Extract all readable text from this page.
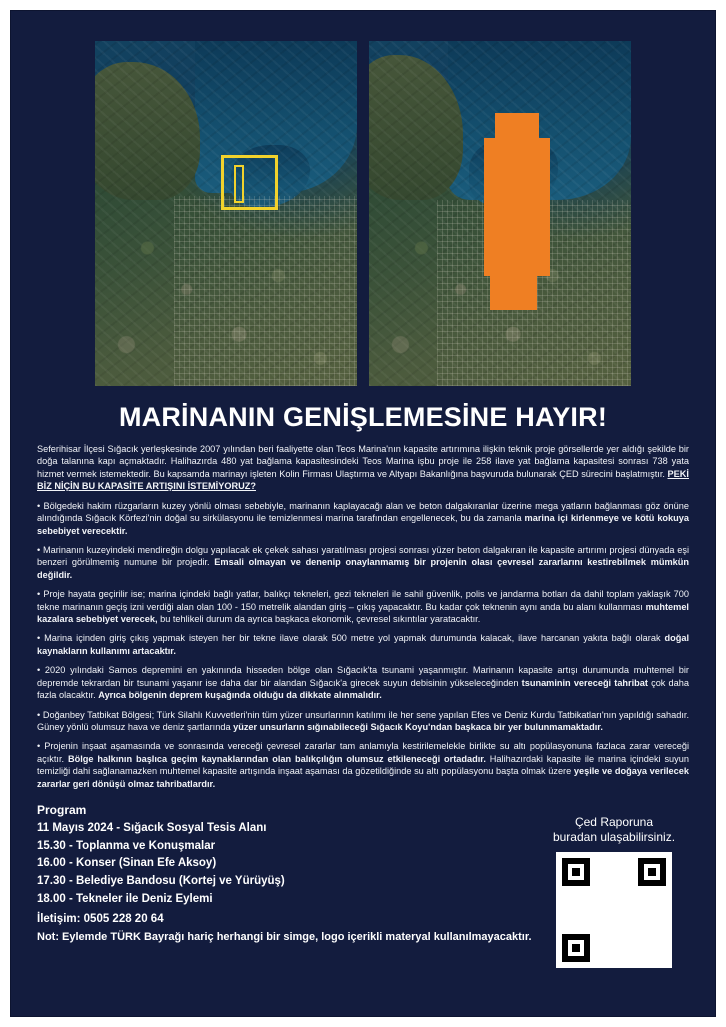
MARİNANIN GENİŞLEMESİNE HAYIR!

Seferihisar İlçesi Sığacık yerleşkesinde 2007 yılından beri faaliyette olan Teos Marina'nın kapasite artırımına ilişkin teknik proje görsellerde yer aldığı şekilde bir doğa talanına kapı açmaktadır. Halihazırda 480 yat bağlama kapasitesindeki Teos Marina işbu proje ile 258 ilave yat bağlama kapasitesi sonrası 738 yata hizmet vermek istemektedir. Bu kapsamda marinayı işleten Kolin Firması Ulaştırma ve Altyapı Bakanlığına başvuruda bulunarak ÇED sürecini başlatmıştır. PEKİ BİZ NİÇİN BU KAPASİTE ARTIŞINI İSTEMİYORUZ?

• Bölgedeki hakim rüzgarların kuzey yönlü olması sebebiyle, marinanın kaplayacağı alan ve beton dalgakıranlar üzerine mega yatların bağlanması göz önüne alındığında Sığacık Körfezi'nin doğal su sirkülasyonu ile temizlenmesi marina tarafından engellenecek, bu da zamanla marina içi kirlenmeye ve kötü kokuya sebebiyet verecektir.

• Marinanın kuzeyindeki mendireğin dolgu yapılacak ek çekek sahası yaratılması projesi sonrası yüzer beton dalgakıran ile kapasite artırımı projesi dünyada eşi benzeri görülmemiş numune bir projedir. Emsali olmayan ve denenip onaylanmamış bir projenin olası çevresel zararlarını kestirebilmek mümkün değildir.

• Proje hayata geçirilir ise; marina içindeki bağlı yatlar, balıkçı tekneleri, gezi tekneleri ile sahil güvenlik, polis ve jandarma botları da dahil toplam yaklaşık 700 tekne marinanın geçiş izni verdiği alan olan 100 - 150 metrelik alandan giriş – çıkış yapacaktır. Bu kadar çok teknenin aynı anda bu alanı kullanması muhtemel kazalara sebebiyet verecek, bu tehlikeli durum da ayrıca başkaca ekonomik, çevresel sıkıntılar yaratacaktır.

• Marina içinden giriş çıkış yapmak isteyen her bir tekne ilave olarak 500 metre yol yapmak durumunda kalacak, ilave harcanan yakıta bağlı olarak doğal kaynakların kullanımı artacaktır.

• 2020 yılındaki Samos depremini en yakınında hisseden bölge olan Sığacık'ta tsunami yaşanmıştır. Marinanın kapasite artışı durumunda muhtemel bir depremde tekrardan bir tsunami yaşanır ise daha dar bir alandan Sığacık'a girecek suyun debisinin yükseleceğinden tsunaminin vereceği tahribat çok daha fazla olacaktır. Ayrıca bölgenin deprem kuşağında olduğu da dikkate alınmalıdır.

• Doğanbey Tatbikat Bölgesi; Türk Silahlı Kuvvetleri'nin tüm yüzer unsurlarının katılımı ile her sene yapılan Efes ve Deniz Kurdu Tatbikatları'nın yapıldığı sahadır. Güney yönlü olumsuz hava ve deniz şartlarında yüzer unsurların sığınabileceği Sığacık Koyu'ndan başkaca bir yer bulunmamaktadır.

• Projenin inşaat aşamasında ve sonrasında vereceği çevresel zararlar tam anlamıyla kestirilemelekle birlikte su altı popülasyonuna fazlaca zarar vereceği açıktır. Bölge halkının başlıca geçim kaynaklarından olan balıkçılığın olumsuz etkileneceği ortadadır. Halihazırdaki kapasite ile marina içindeki suyun temizliği dahi sağlanamazken muhtemel kapasite artışında inşaat aşaması da gözetildiğinde su altı popülasyonu başta olmak üzere yeşile ve doğaya verilecek zararlar geri dönüşü olmaz tahribatlardır.

Program
11 Mayıs 2024 - Sığacık Sosyal Tesis Alanı
15.30 - Toplanma ve Konuşmalar
16.00 - Konser (Sinan Efe Aksoy)
17.30 - Belediye Bandosu (Kortej ve Yürüyüş)
18.00 - Tekneler ile Deniz Eylemi
İletişim: 0505 228 20 64
Not: Eylemde TÜRK Bayrağı hariç herhangi bir simge, logo içerikli materyal kullanılmayacaktır.
Çed Raporuna
buradan ulaşabilirsiniz.
